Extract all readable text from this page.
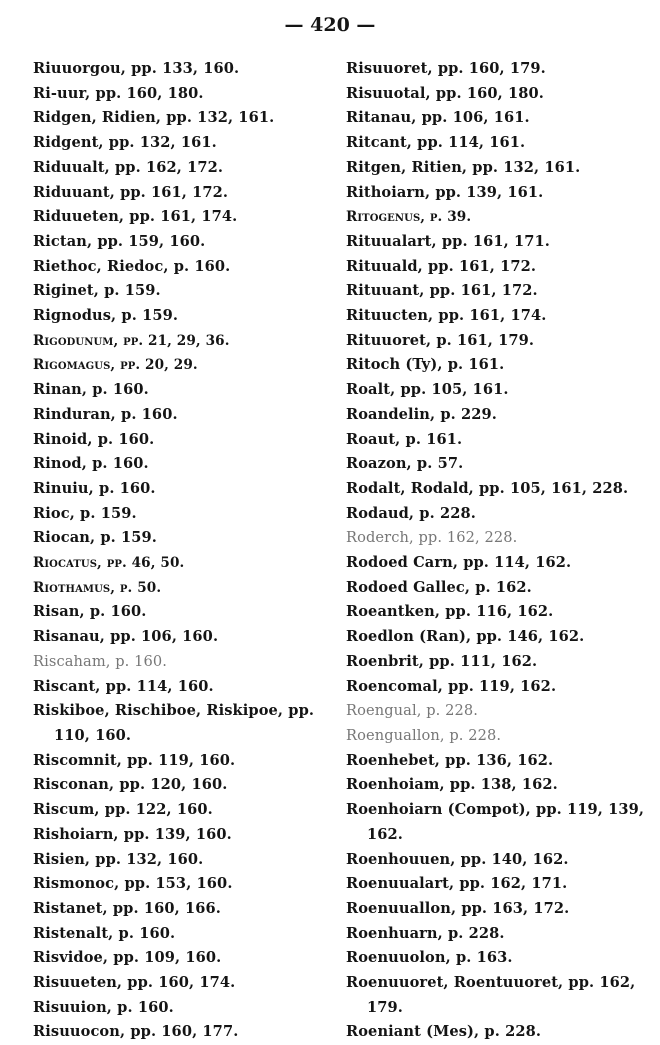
— 420 —
Riuuorgou, pp. 133, 160.
Ri-uur, pp. 160, 180.
Ridgen, Ridien, pp. 132, 161.
Ridgent, pp. 132, 161.
Riduualt, pp. 162, 172.
Riduuant, pp. 161, 172.
Riduueten, pp. 161, 174.
Rictan, pp. 159, 160.
Riethoc, Riedoc, p. 160.
Riginet, p. 159.
Rignodus, p. 159.
Rigodunum, pp. 21, 29, 36.
Rigomagus, pp. 20, 29.
Rinan, p. 160.
Rinduran, p. 160.
Rinoid, p. 160.
Rinod, p. 160.
Rinuiu, p. 160.
Rioc, p. 159.
Riocan, p. 159.
Riocatus, pp. 46, 50.
Riothamus, p. 50.
Risan, p. 160.
Risanau, pp. 106, 160.
Riscaham, p. 160.
Riscant, pp. 114, 160.
Riskiboe, Rischiboe, Riskipoe, pp. 110, 160.
Riscomnit, pp. 119, 160.
Risconan, pp. 120, 160.
Riscum, pp. 122, 160.
Rishoiarn, pp. 139, 160.
Risien, pp. 132, 160.
Rismonoc, pp. 153, 160.
Ristanet, pp. 160, 166.
Ristenalt, p. 160.
Risvidoe, pp. 109, 160.
Risuueten, pp. 160, 174.
Risuuion, p. 160.
Risuuocon, pp. 160, 177.
Risuuoret, pp. 160, 179.
Risuuotal, pp. 160, 180.
Ritanau, pp. 106, 161.
Ritcant, pp. 114, 161.
Ritgen, Ritien, pp. 132, 161.
Rithoiarn, pp. 139, 161.
Ritogenus, p. 39.
Rituualart, pp. 161, 171.
Rituuald, pp. 161, 172.
Rituuant, pp. 161, 172.
Rituucten, pp. 161, 174.
Rituuoret, p. 161, 179.
Ritoch (Ty), p. 161.
Roalt, pp. 105, 161.
Roandelin, p. 229.
Roaut, p. 161.
Roazon, p. 57.
Rodalt, Rodald, pp. 105, 161, 228.
Rodaud, p. 228.
Roderch, pp. 162, 228.
Rodoed Carn, pp. 114, 162.
Rodoed Gallec, p. 162.
Roeantken, pp. 116, 162.
Roedlon (Ran), pp. 146, 162.
Roenbrit, pp. 111, 162.
Roencomal, pp. 119, 162.
Roengual, p. 228.
Roenguallon, p. 228.
Roenhebet, pp. 136, 162.
Roenhoiam, pp. 138, 162.
Roenhoiarn (Compot), pp. 119, 139, 162.
Roenhouuen, pp. 140, 162.
Roenuualart, pp. 162, 171.
Roenuuallon, pp. 163, 172.
Roenhuarn, p. 228.
Roenuuolon, p. 163.
Roenuuoret, Roentuuoret, pp. 162, 179.
Roeniant (Mes), p. 228.
